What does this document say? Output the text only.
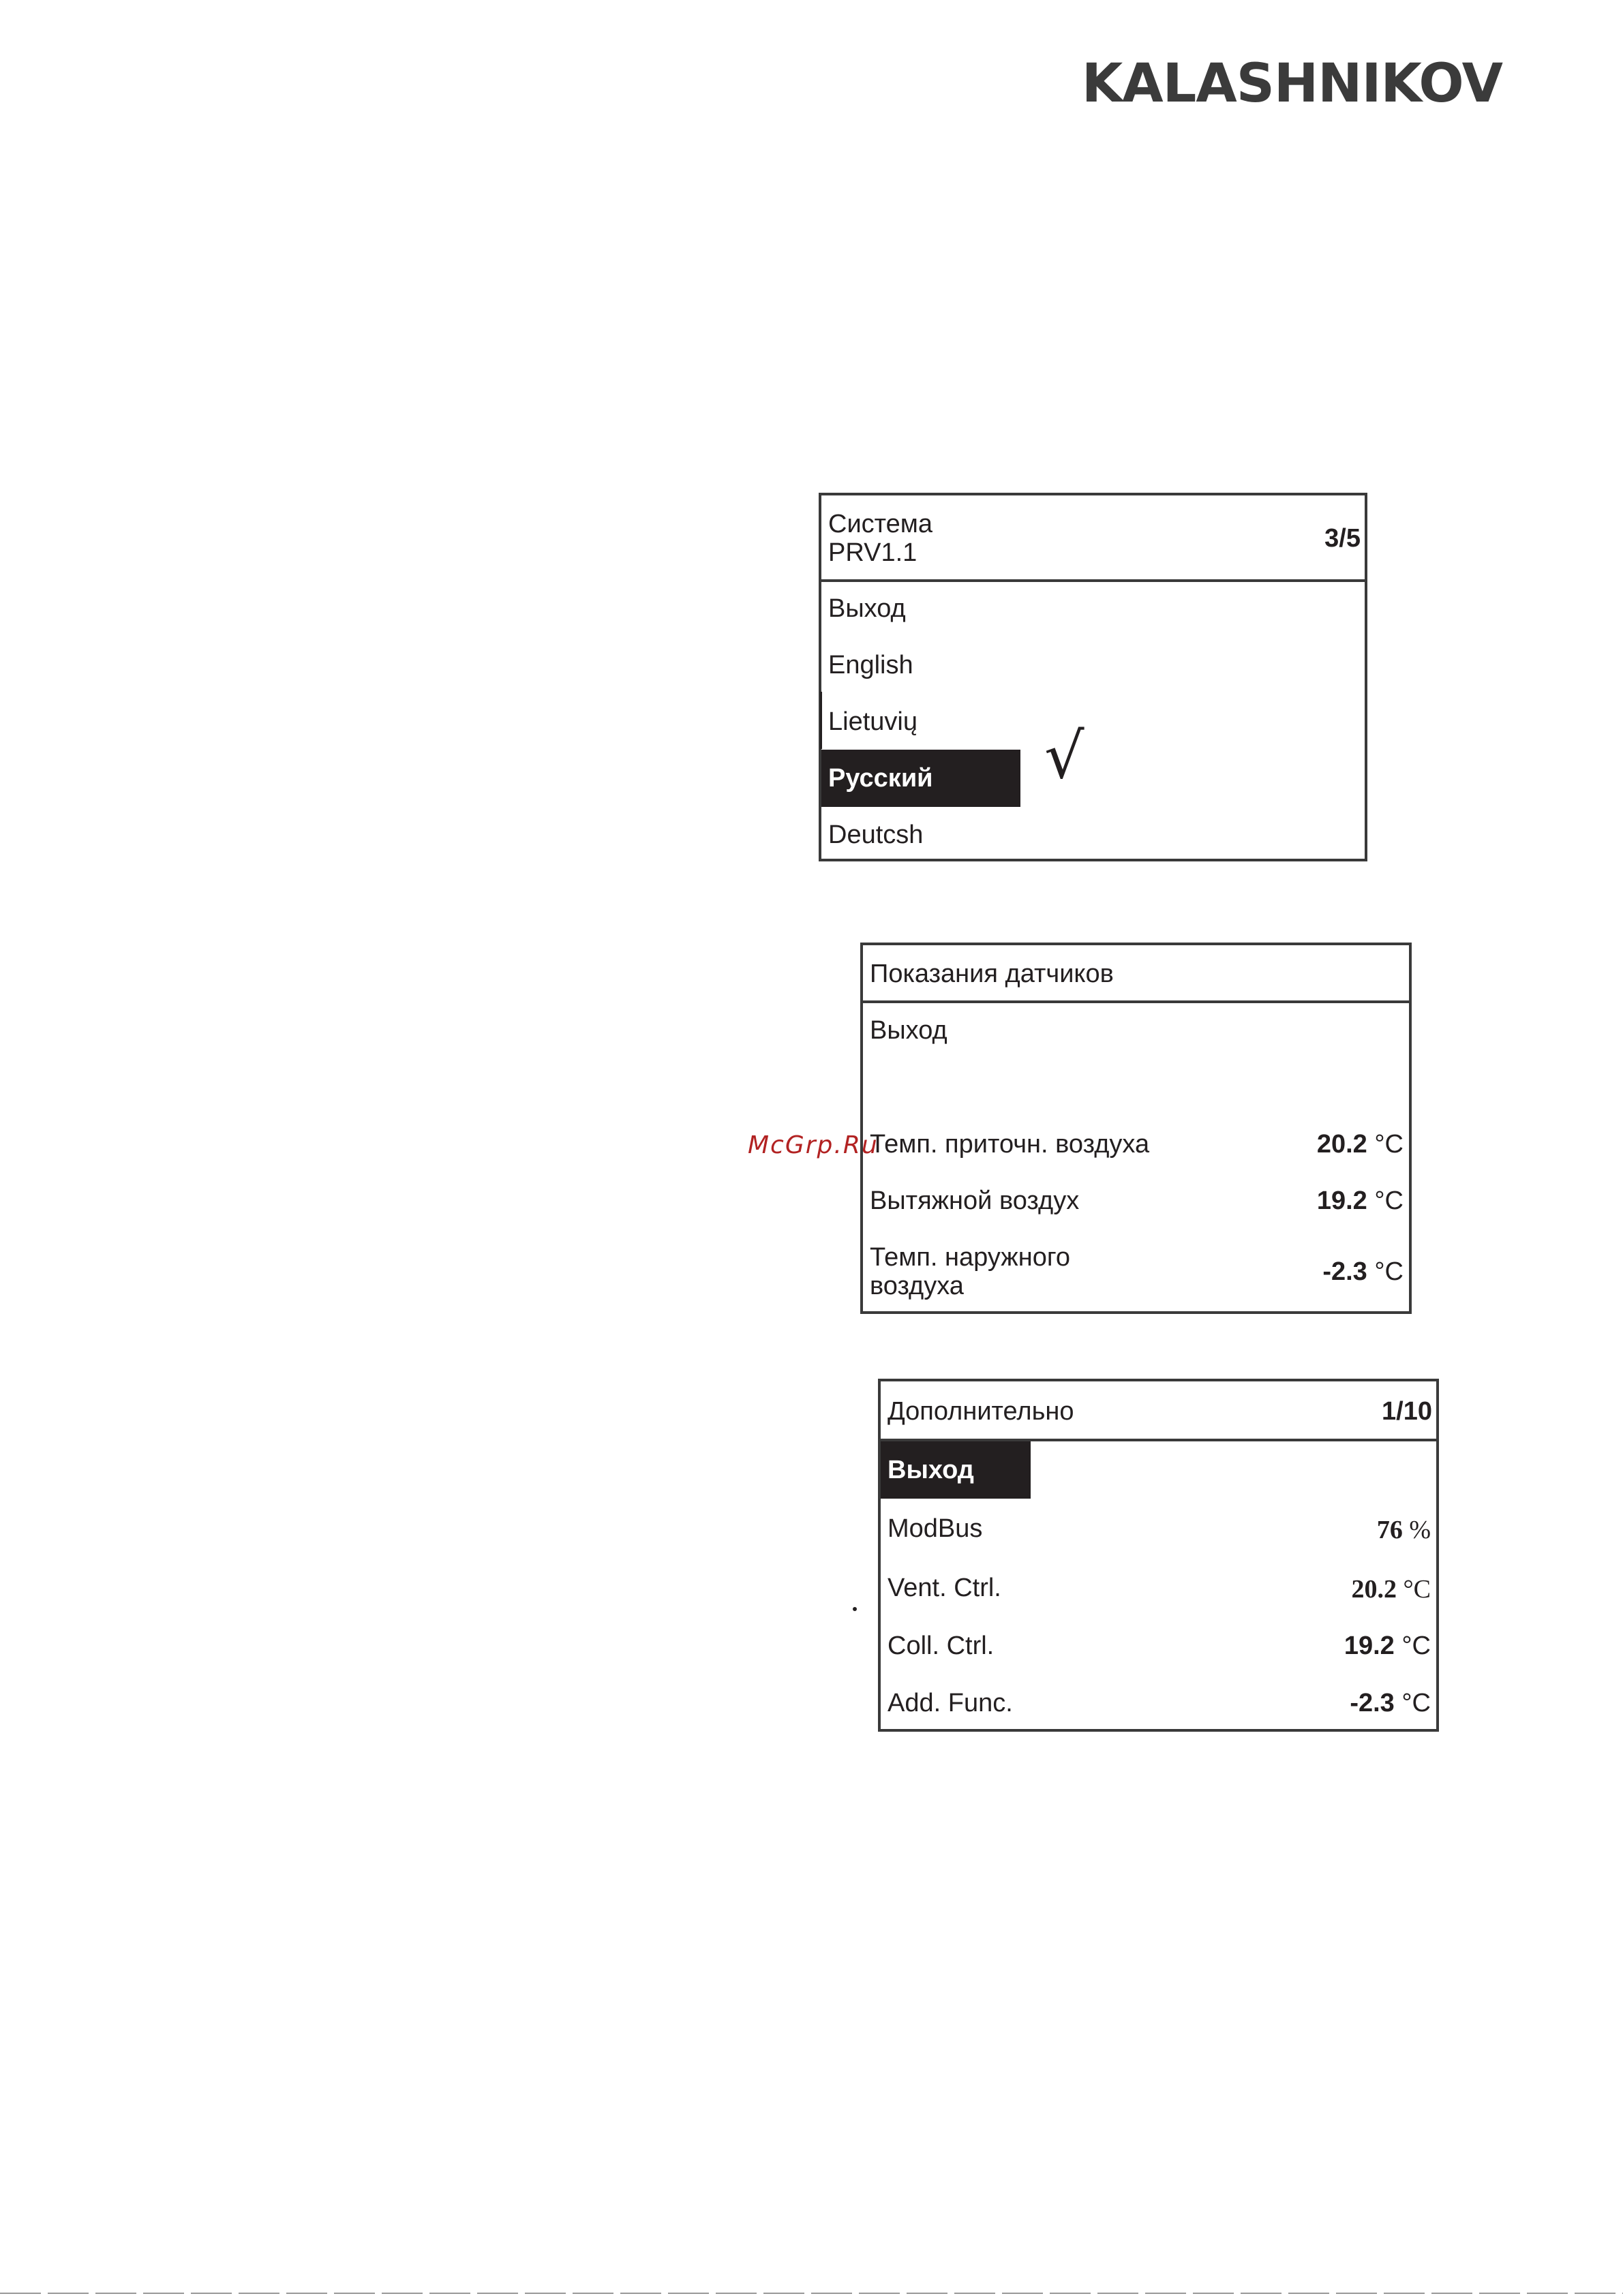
KALASHNIKOV
Система
PRV1.1	3/5
Выход
English
Lietuvių
Русский √
Deutcsh
Показания датчиков
Выход
Темп. приточн. воздуха	20.2 °C
Вытяжной воздух	19.2 °C
Темп. наружного
воздуха	-2.3 °C
Дополнительно	1/10
Выход
ModBus	76 %
Vent. Ctrl.	20.2 °C
Coll. Ctrl.	19.2 °C
Add. Func.	-2.3 °C
McGrp.Ru
